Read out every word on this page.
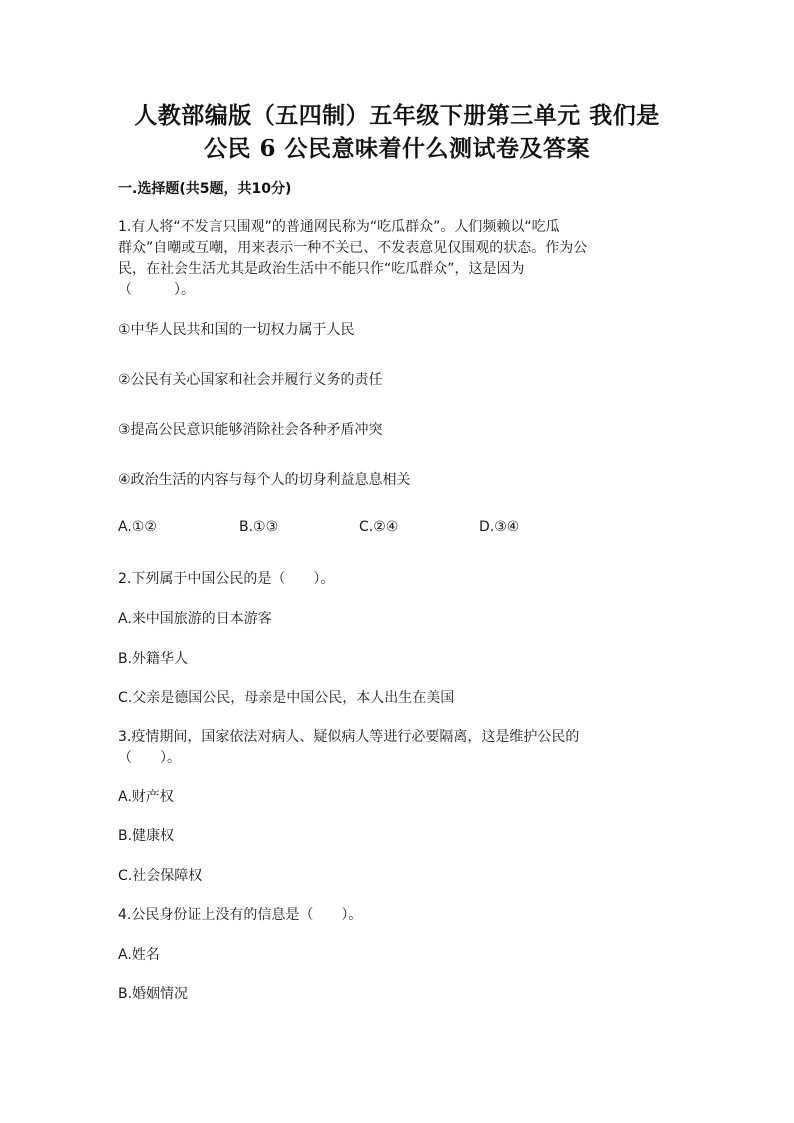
人教部编版（五四制）五年级下册第三单元 我们是
公民 6 公民意味着什么测试卷及答案
一.选择题(共5题，共10分)
1.有人将“不发言只围观”的普通网民称为“吃瓜群众”。人们频赖以“吃瓜
群众”自嘲或互嘲，用来表示一种不关已、不发表意见仅围观的状态。作为公
民，在社会生活尤其是政治生活中不能只作“吃瓜群众”，这是因为
（　　　）。
①中华人民共和国的一切权力属于人民
②公民有关心国家和社会并履行义务的责任
③提高公民意识能够消除社会各种矛盾冲突
④政治生活的内容与每个人的切身利益息息相关
A.①②	B.①③	C.②④	D.③④
2.下列属于中国公民的是（　　）。
A.来中国旅游的日本游客
B.外籍华人
C.父亲是德国公民，母亲是中国公民，本人出生在美国
3.疫情期间，国家依法对病人、疑似病人等进行必要隔离，这是维护公民的
（　　）。
A.财产权
B.健康权
C.社会保障权
4.公民身份证上没有的信息是（　　）。
A.姓名
B.婚姻情况
